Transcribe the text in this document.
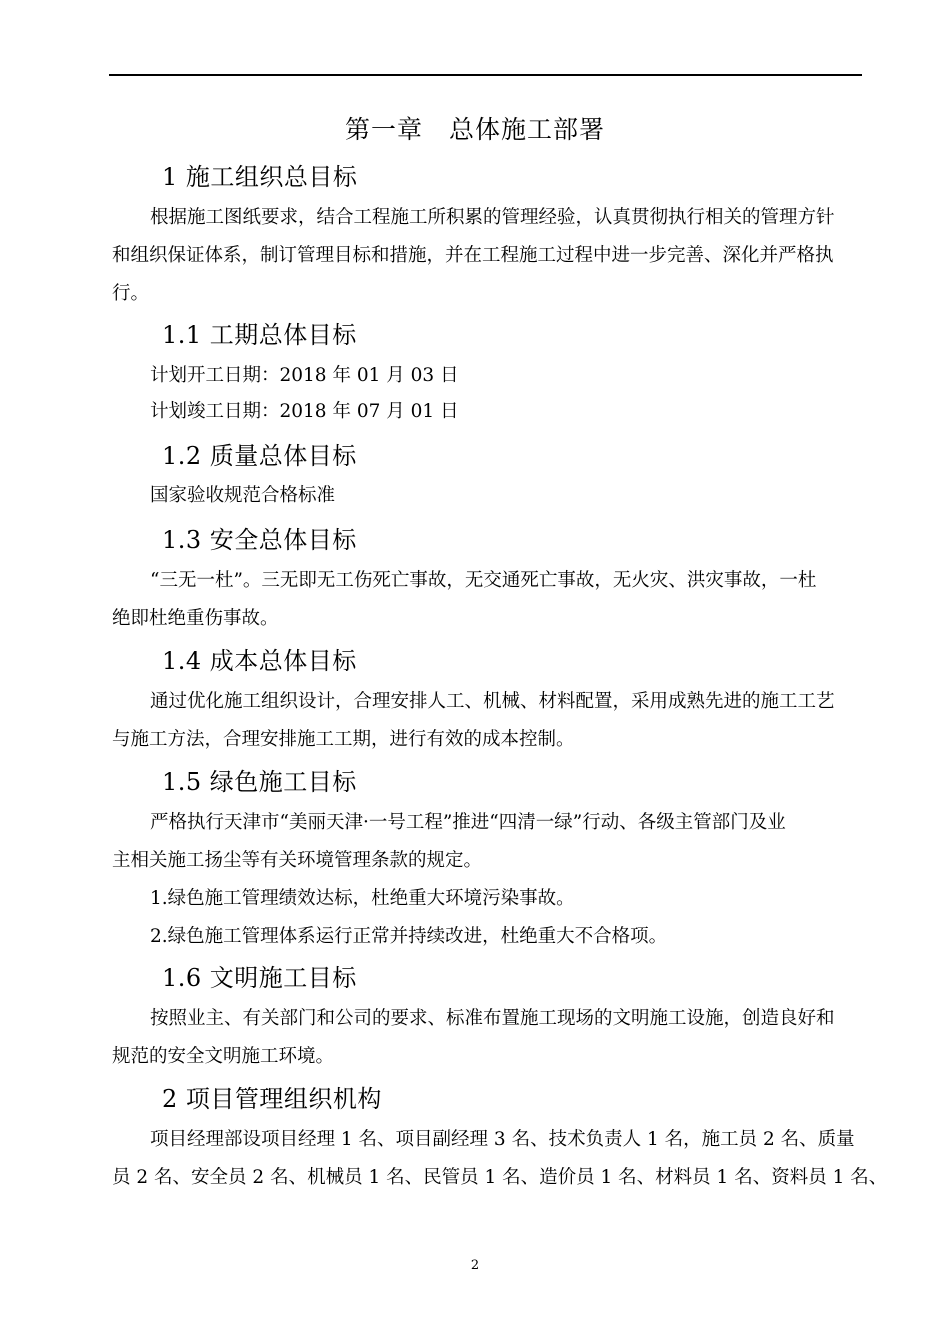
第一章　总体施工部署
1 施工组织总目标
根据施工图纸要求，结合工程施工所积累的管理经验，认真贯彻执行相关的管理方针
和组织保证体系，制订管理目标和措施，并在工程施工过程中进一步完善、深化并严格执
行。
1.1 工期总体目标
计划开工日期：2018 年 01 月 03 日
计划竣工日期：2018 年 07 月 01 日
1.2 质量总体目标
国家验收规范合格标准
1.3 安全总体目标
“三无一杜”。三无即无工伤死亡事故，无交通死亡事故，无火灾、洪灾事故，一杜
绝即杜绝重伤事故。
1.4 成本总体目标
通过优化施工组织设计，合理安排人工、机械、材料配置，采用成熟先进的施工工艺
与施工方法，合理安排施工工期，进行有效的成本控制。
1.5 绿色施工目标
严格执行天津市“美丽天津·一号工程”推进“四清一绿”行动、各级主管部门及业
主相关施工扬尘等有关环境管理条款的规定。
1.绿色施工管理绩效达标，杜绝重大环境污染事故。
2.绿色施工管理体系运行正常并持续改进，杜绝重大不合格项。
1.6 文明施工目标
按照业主、有关部门和公司的要求、标准布置施工现场的文明施工设施，创造良好和
规范的安全文明施工环境。
2 项目管理组织机构
项目经理部设项目经理 1 名、项目副经理 3 名、技术负责人 1 名，施工员 2 名、质量
员 2 名、安全员 2 名、机械员 1 名、民管员 1 名、造价员 1 名、材料员 1 名、资料员 1 名、
2
